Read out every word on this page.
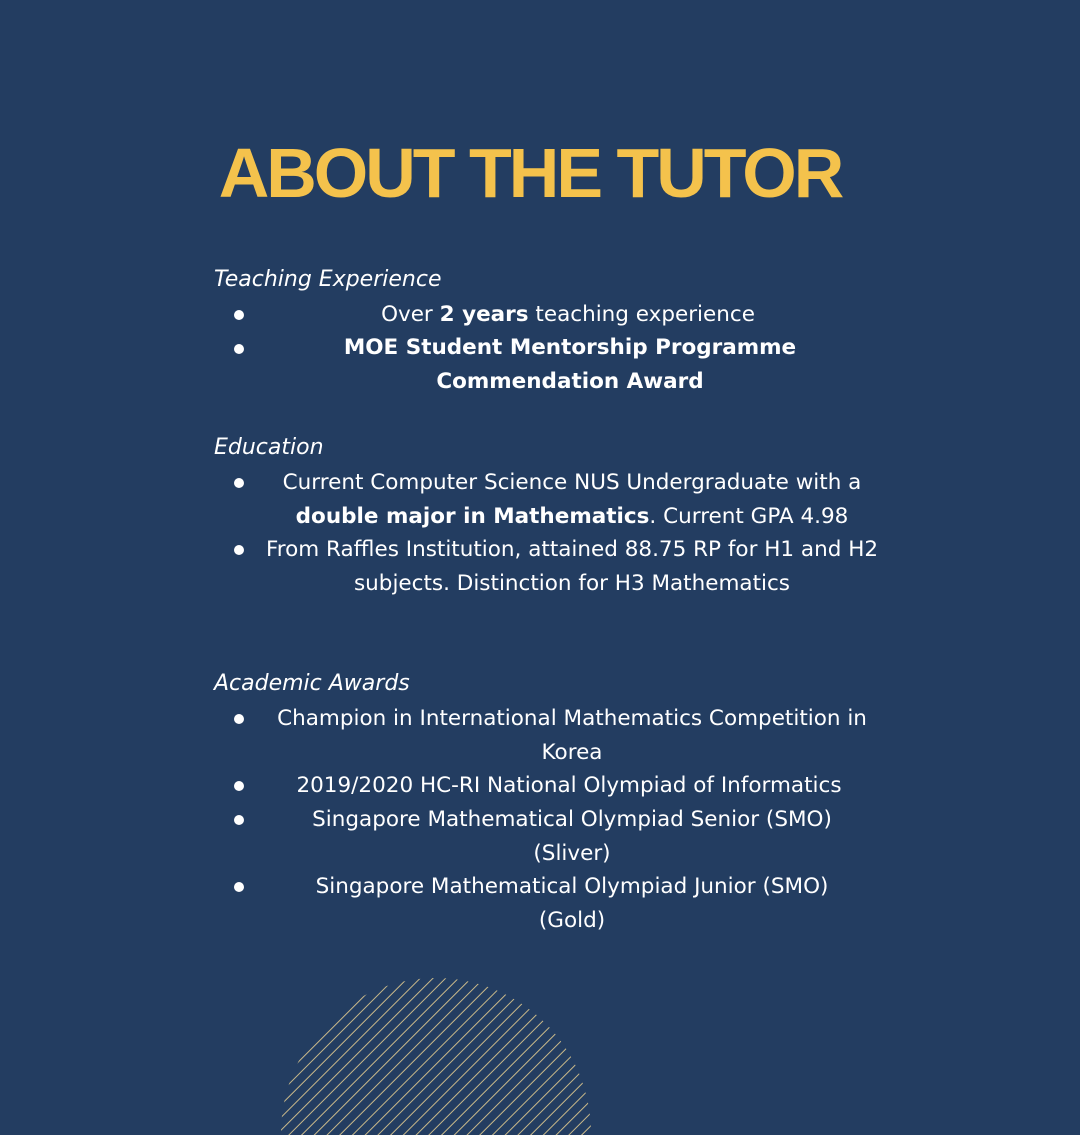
ABOUT THE TUTOR
Teaching Experience
Over 2 years teaching experience
MOE Student Mentorship Programme Commendation Award
Education
Current Computer Science NUS Undergraduate with a double major in Mathematics. Current GPA 4.98
From Raffles Institution, attained 88.75 RP for H1 and H2 subjects. Distinction for H3 Mathematics
Academic Awards
Champion in International Mathematics Competition in Korea
2019/2020 HC-RI National Olympiad of Informatics
Singapore Mathematical Olympiad Senior (SMO) (Sliver)
Singapore Mathematical Olympiad Junior (SMO) (Gold)
